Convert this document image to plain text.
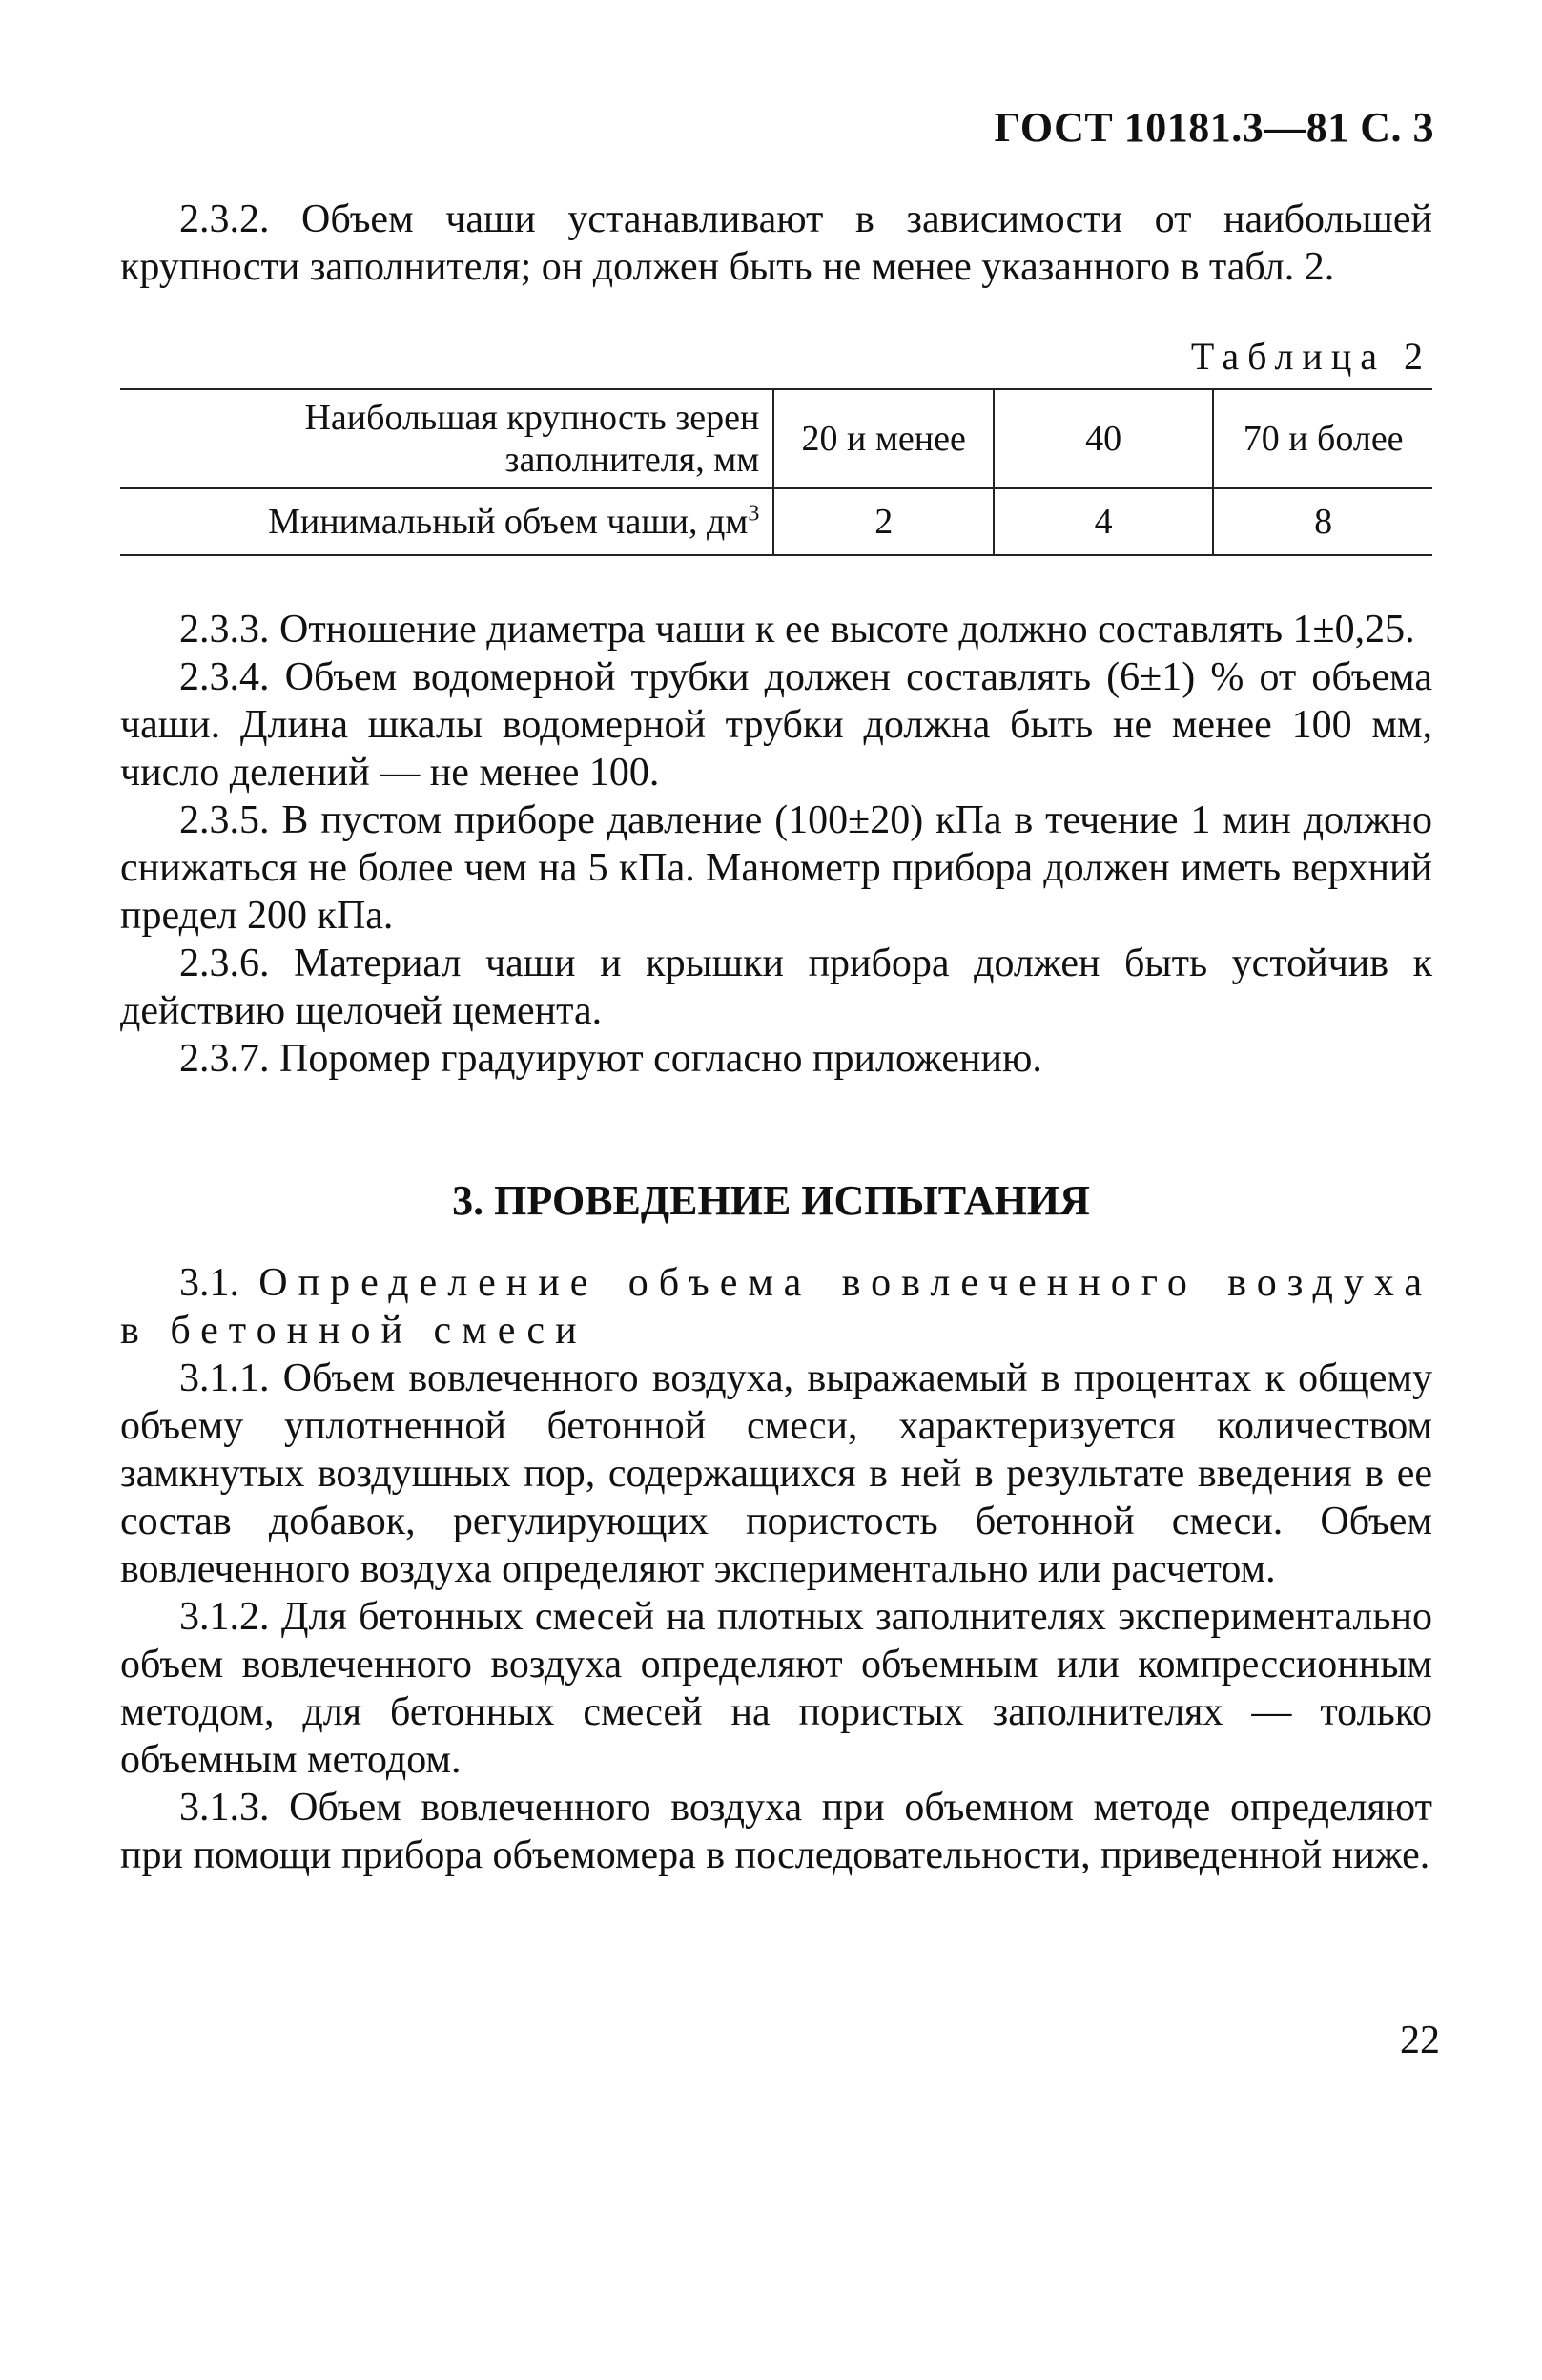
ГОСТ 10181.3—81 С. 3

2.3.2. Объем чаши устанавливают в зависимости от наибольшей крупности заполнителя; он должен быть не менее указанного в табл. 2.

Таблица 2
Наибольшая крупность зерен заполнителя, мм	20 и менее	40	70 и более
Минимальный объем чаши, $дм^3$	2	4	8

2.3.3. Отношение диаметра чаши к ее высоте должно составлять 1±0,25.

2.3.4. Объем водомерной трубки должен составлять (6±1) % от объема чаши. Длина шкалы водомерной трубки должна быть не менее 100 мм, число делений — не менее 100.

2.3.5. В пустом приборе давление (100±20) кПа в течение 1 мин должно снижаться не более чем на 5 кПа. Манометр прибора должен иметь верхний предел 200 кПа.

2.3.6. Материал чаши и крышки прибора должен быть устойчив к действию щелочей цемента.

2.3.7. Поромер градуируют согласно приложению.

3. ПРОВЕДЕНИЕ ИСПЫТАНИЯ

3.1. Определение объема вовлеченного воздуха в бетонной смеси

3.1.1. Объем вовлеченного воздуха, выражаемый в процентах к общему объему уплотненной бетонной смеси, характеризуется количеством замкнутых воздушных пор, содержащихся в ней в результате введения в ее состав добавок, регулирующих пористость бетонной смеси. Объем вовлеченного воздуха определяют экспериментально или расчетом.

3.1.2. Для бетонных смесей на плотных заполнителях экспериментально объем вовлеченного воздуха определяют объемным или компрессионным методом, для бетонных смесей на пористых заполнителях — только объемным методом.

3.1.3. Объем вовлеченного воздуха при объемном методе определяют при помощи прибора объемомера в последовательности, приведенной ниже.

22
